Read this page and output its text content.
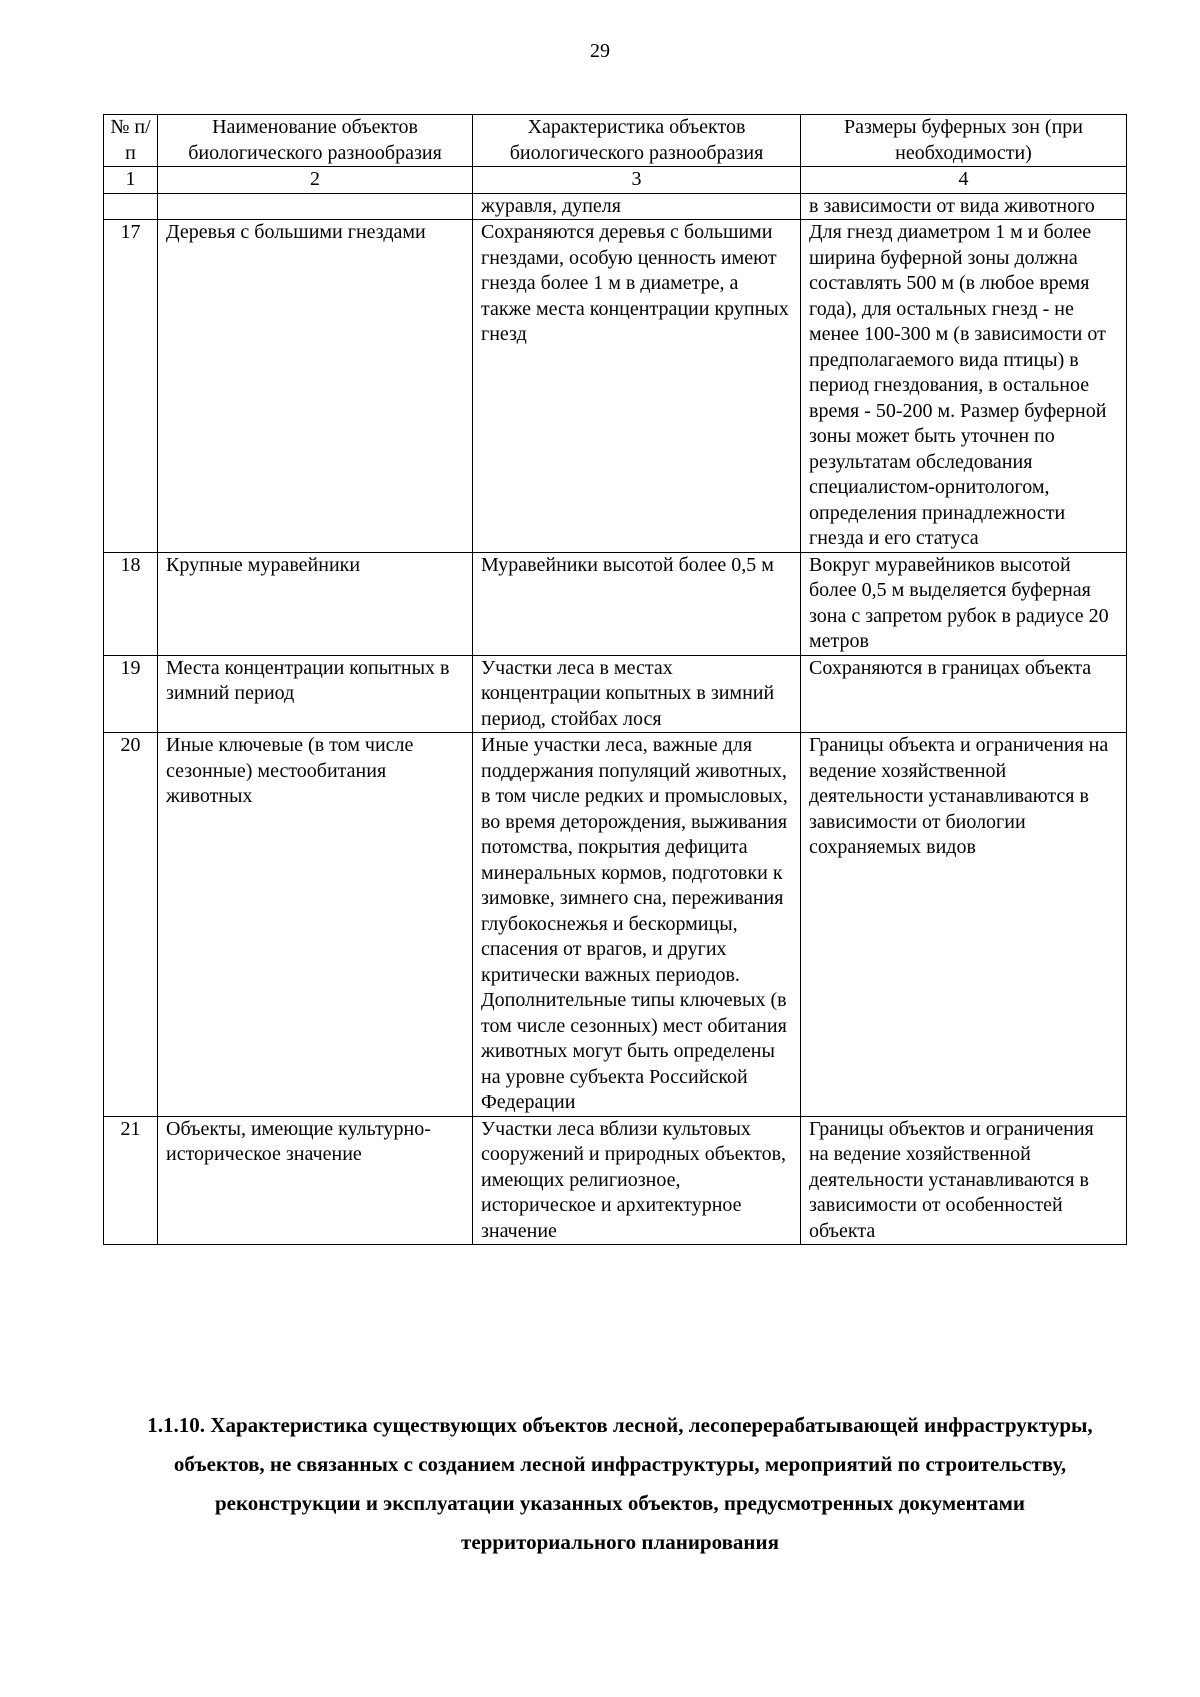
29
№ п/п	Наименование объектов биологического разнообразия	Характеристика объектов биологического разнообразия	Размеры буферных зон (при необходимости)
1	2	3	4
		журавля, дупеля	в зависимости от вида животного
17	Деревья с большими гнездами	Сохраняются деревья с большими гнездами, особую ценность имеют гнезда более 1 м в диаметре, а также места концентрации крупных гнезд	Для гнезд диаметром 1 м и более ширина буферной зоны должна составлять 500 м (в любое время года), для остальных гнезд - не менее 100-300 м (в зависимости от предполагаемого вида птицы) в период гнездования, в остальное время - 50-200 м. Размер буферной зоны может быть уточнен по результатам обследования специалистом-орнитологом, определения принадлежности гнезда и его статуса
18	Крупные муравейники	Муравейники высотой более 0,5 м	Вокруг муравейников высотой более 0,5 м выделяется буферная зона с запретом рубок в радиусе 20 метров
19	Места концентрации копытных в зимний период	Участки леса в местах концентрации копытных в зимний период, стойбах лося	Сохраняются в границах объекта
20	Иные ключевые (в том числе сезонные) местообитания животных	Иные участки леса, важные для поддержания популяций животных, в том числе редких и промысловых, во время деторождения, выживания потомства, покрытия дефицита минеральных кормов, подготовки к зимовке, зимнего сна, переживания глубокоснежья и бескормицы, спасения от врагов, и других критически важных периодов. Дополнительные типы ключевых (в том числе сезонных) мест обитания животных могут быть определены на уровне субъекта Российской Федерации	Границы объекта и ограничения на ведение хозяйственной деятельности устанавливаются в зависимости от биологии сохраняемых видов
21	Объекты, имеющие культурно-историческое значение	Участки леса вблизи культовых сооружений и природных объектов, имеющих религиозное, историческое и архитектурное значение	Границы объектов и ограничения на ведение хозяйственной деятельности устанавливаются в зависимости от особенностей объекта
1.1.10. Характеристика существующих объектов лесной, лесоперерабатывающей инфраструктуры, объектов, не связанных с созданием лесной инфраструктуры, мероприятий по строительству, реконструкции и эксплуатации указанных объектов, предусмотренных документами территориального планирования
